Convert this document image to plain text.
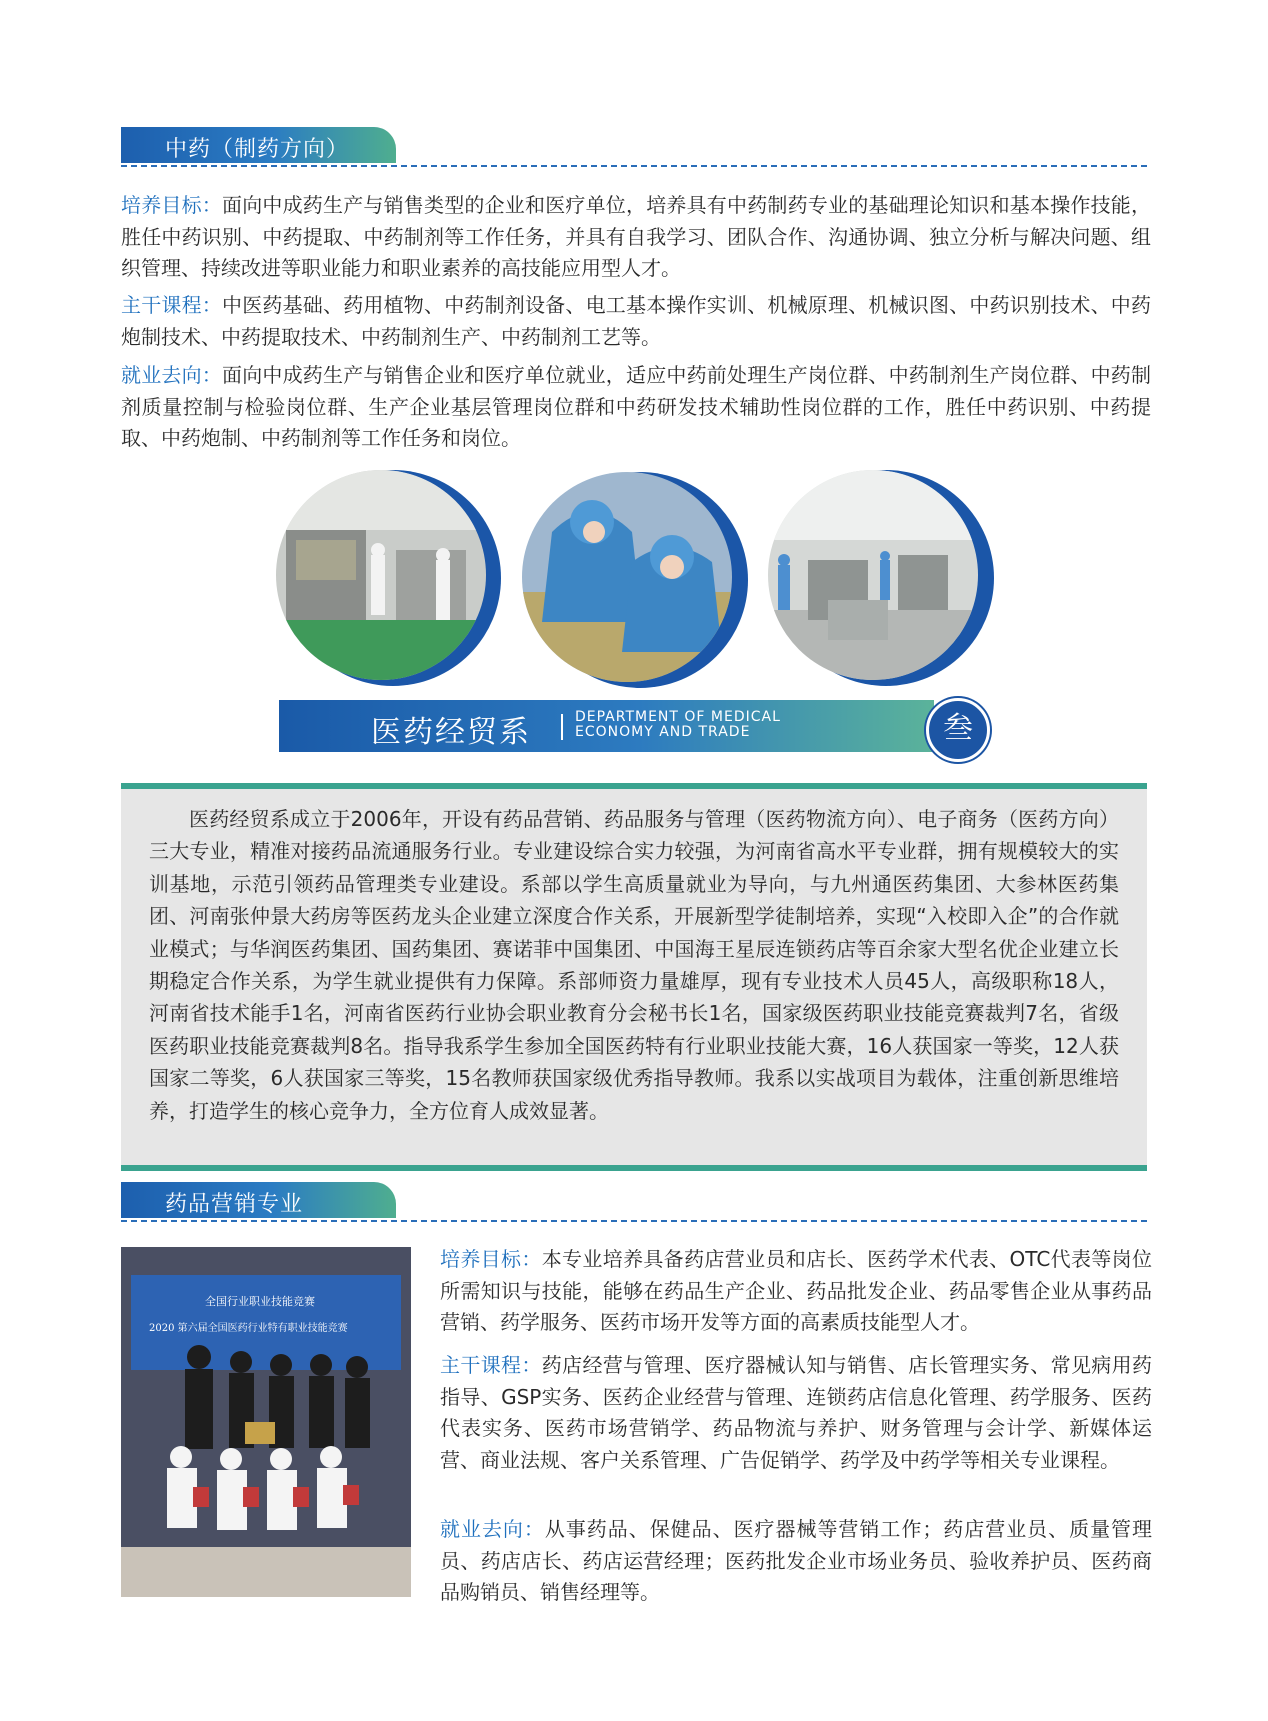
中药（制药方向）
培养目标：面向中成药生产与销售类型的企业和医疗单位，培养具有中药制药专业的基础理论知识和基本操作技能，胜任中药识别、中药提取、中药制剂等工作任务，并具有自我学习、团队合作、沟通协调、独立分析与解决问题、组织管理、持续改进等职业能力和职业素养的高技能应用型人才。
主干课程：中医药基础、药用植物、中药制剂设备、电工基本操作实训、机械原理、机械识图、中药识别技术、中药炮制技术、中药提取技术、中药制剂生产、中药制剂工艺等。
就业去向：面向中成药生产与销售企业和医疗单位就业，适应中药前处理生产岗位群、中药制剂生产岗位群、中药制剂质量控制与检验岗位群、生产企业基层管理岗位群和中药研发技术辅助性岗位群的工作，胜任中药识别、中药提取、中药炮制、中药制剂等工作任务和岗位。
医药经贸系	DEPARTMENT OF MEDICAL
ECONOMY AND TRADE	叁

医药经贸系成立于2006年，开设有药品营销、药品服务与管理（医药物流方向）、电子商务（医药方向）三大专业，精准对接药品流通服务行业。专业建设综合实力较强，为河南省高水平专业群，拥有规模较大的实训基地，示范引领药品管理类专业建设。系部以学生高质量就业为导向，与九州通医药集团、大参林医药集团、河南张仲景大药房等医药龙头企业建立深度合作关系，开展新型学徒制培养，实现“入校即入企”的合作就业模式；与华润医药集团、国药集团、赛诺菲中国集团、中国海王星辰连锁药店等百余家大型名优企业建立长期稳定合作关系，为学生就业提供有力保障。系部师资力量雄厚，现有专业技术人员45人，高级职称18人，河南省技术能手1名，河南省医药行业协会职业教育分会秘书长1名，国家级医药职业技能竞赛裁判7名，省级医药职业技能竞赛裁判8名。指导我系学生参加全国医药特有行业职业技能大赛，16人获国家一等奖，12人获国家二等奖，6人获国家三等奖，15名教师获国家级优秀指导教师。我系以实战项目为载体，注重创新思维培养，打造学生的核心竞争力，全方位育人成效显著。

药品营销专业
全国行业职业技能竞赛
2020 第六届全国医药行业特有职业技能竞赛
培养目标：本专业培养具备药店营业员和店长、医药学术代表、OTC代表等岗位所需知识与技能，能够在药品生产企业、药品批发企业、药品零售企业从事药品营销、药学服务、医药市场开发等方面的高素质技能型人才。
主干课程：药店经营与管理、医疗器械认知与销售、店长管理实务、常见病用药指导、GSP实务、医药企业经营与管理、连锁药店信息化管理、药学服务、医药代表实务、医药市场营销学、药品物流与养护、财务管理与会计学、新媒体运营、商业法规、客户关系管理、广告促销学、药学及中药学等相关专业课程。
就业去向：从事药品、保健品、医疗器械等营销工作；药店营业员、质量管理员、药店店长、药店运营经理；医药批发企业市场业务员、验收养护员、医药商品购销员、销售经理等。
